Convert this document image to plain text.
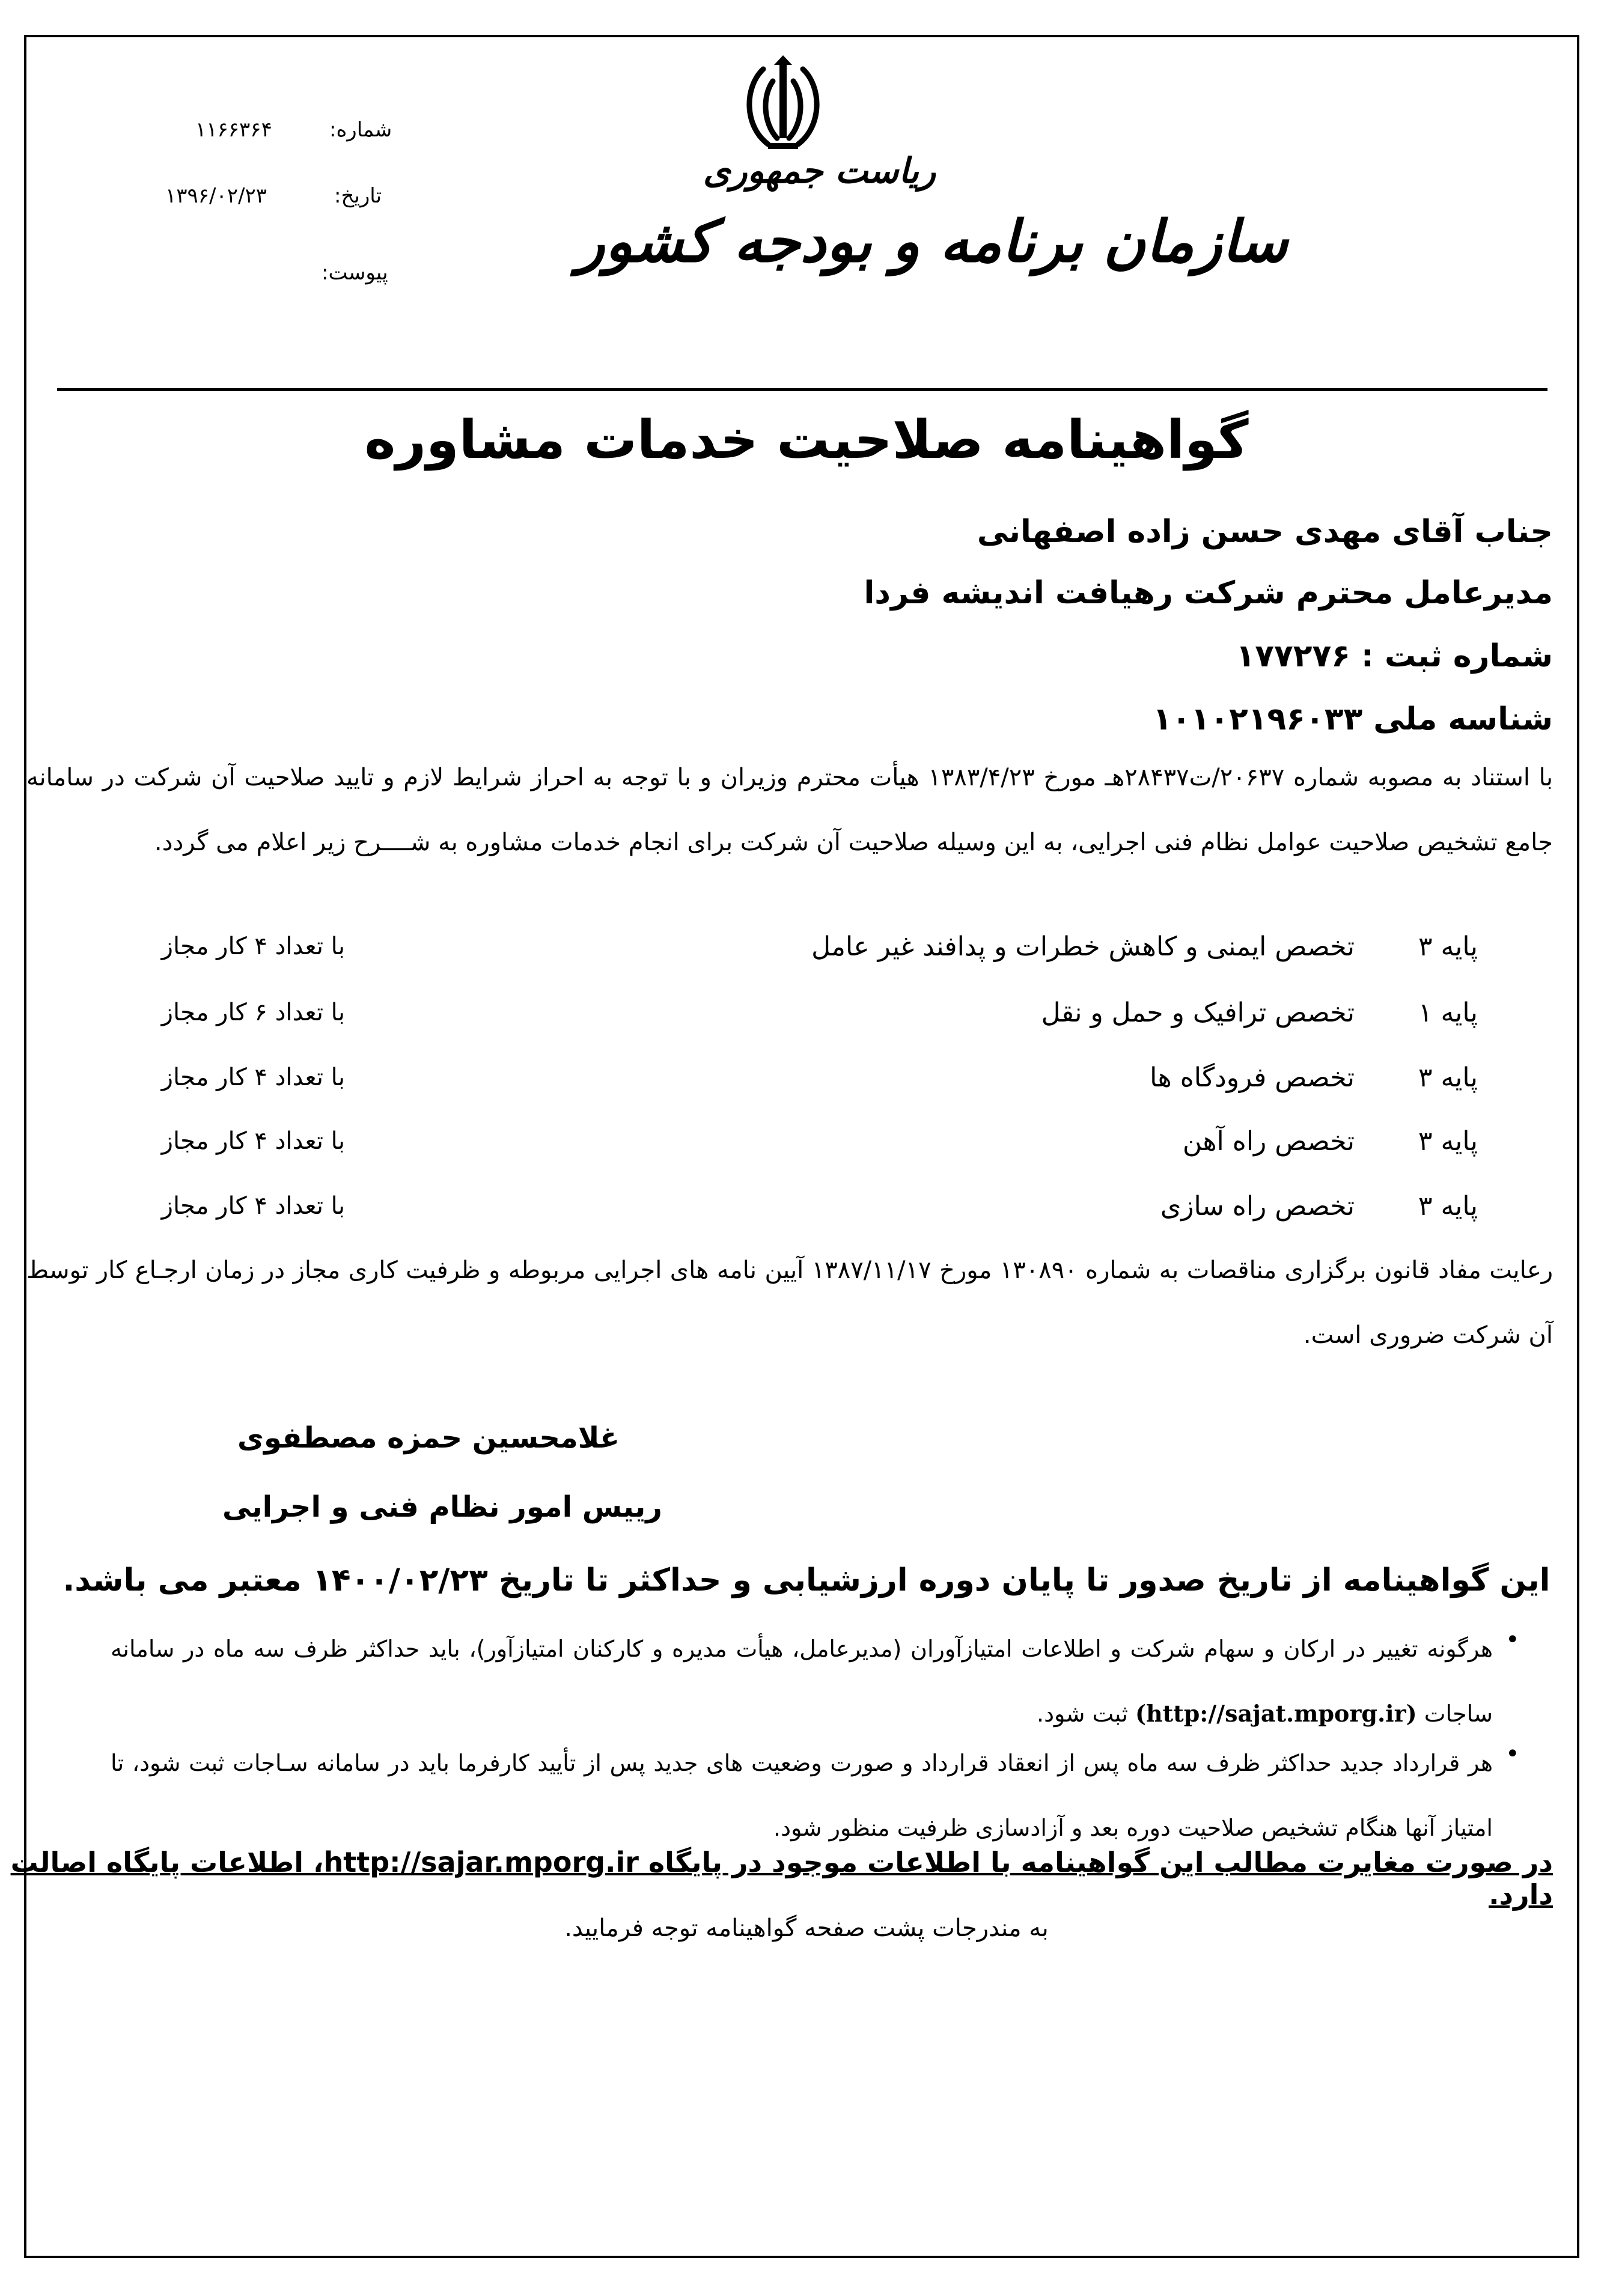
شماره:
۱۱۶۶۳۶۴
تاریخ:
۱۳۹۶/۰۲/۲۳
پیوست:
ریاست جمهوری
سازمان برنامه و بودجه کشور
گواهینامه صلاحیت خدمات مشاوره
جناب آقای مهدی حسن زاده اصفهانی
مدیرعامل محترم شرکت رهیافت اندیشه فردا
شماره ثبت : ۱۷۷۲۷۶
شناسه ملی ۱۰۱۰۲۱۹۶۰۳۳
با استناد به مصوبه شماره ۲۰۶۳۷/ت۲۸۴۳۷هـ مورخ ۱۳۸۳/۴/۲۳ هیأت محترم وزیران و با توجه به احراز شرایط لازم و تایید صلاحیت آن شرکت در سامانه جامع تشخیص صلاحیت عوامل نظام فنی اجرایی، به این وسیله صلاحیت آن شرکت برای انجام خدمات مشاوره به شــــرح زیر اعلام می گردد.
پایه ۳
تخصص ایمنی و کاهش خطرات و پدافند غیر عامل
با تعداد ۴ کار مجاز
پایه ۱
تخصص ترافیک و حمل و نقل
با تعداد ۶ کار مجاز
پایه ۳
تخصص فرودگاه ها
با تعداد ۴ کار مجاز
پایه ۳
تخصص راه آهن
با تعداد ۴ کار مجاز
پایه ۳
تخصص راه سازی
با تعداد ۴ کار مجاز
رعایت مفاد قانون برگزاری مناقصات به شماره ۱۳۰۸۹۰ مورخ ۱۳۸۷/۱۱/۱۷ آیین نامه های اجرایی مربوطه و ظرفیت کاری مجاز در زمان ارجـاع کار توسط آن شرکت ضروری است.
غلامحسین حمزه مصطفوی
رییس امور نظام فنی و اجرایی
این گواهینامه از تاریخ صدور تا پایان دوره ارزشیابی و حداکثر تا تاریخ ۱۴۰۰/۰۲/۲۳ معتبر می باشد.
•
هرگونه تغییر در ارکان و سهام شرکت و اطلاعات امتیازآوران (مدیرعامل، هیأت مدیره و کارکنان امتیازآور)، باید حداکثر ظرف سه ماه در سامانه ساجات (http://sajat.mporg.ir) ثبت شود.
•
هر قرارداد جدید حداکثر ظرف سه ماه پس از انعقاد قرارداد و صورت وضعیت های جدید پس از تأیید کارفرما باید در سامانه سـاجات ثبت شود، تا امتیاز آنها هنگام تشخیص صلاحیت دوره بعد و آزادسازی ظرفیت منظور شود.
در صورت مغایرت مطالب این گواهینامه با اطلاعات موجود در پایگاه http://sajar.mporg.ir، اطلاعات پایگاه اصالت دارد.
به مندرجات پشت صفحه گواهینامه توجه فرمایید.
